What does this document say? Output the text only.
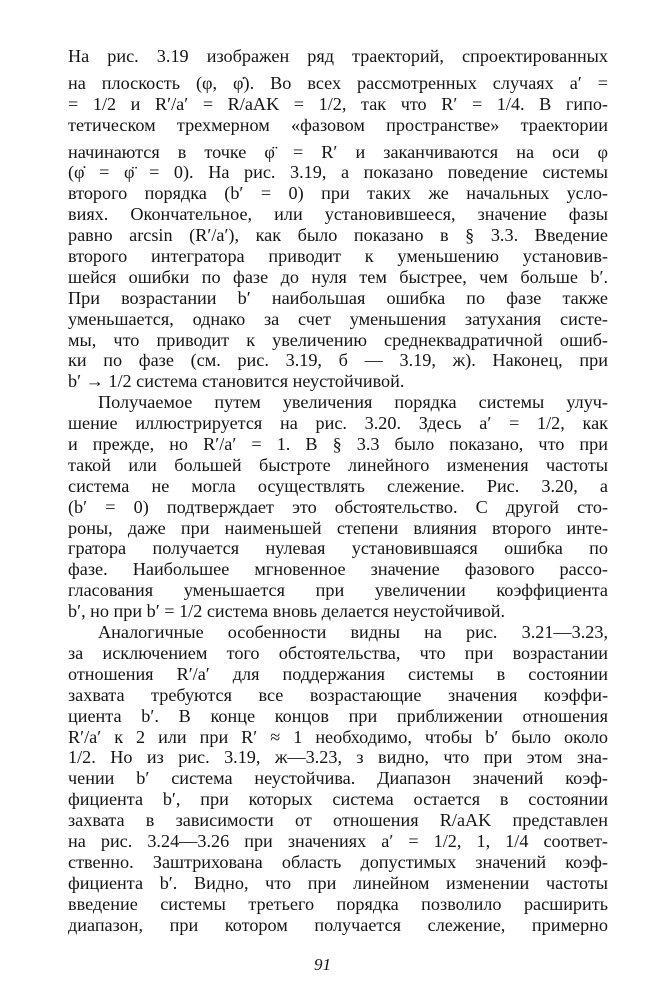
На рис. 3.19 изображен ряд траекторий, спроектированных
на плоскость (φ, φ̇). Во всех рассмотренных случаях a′ =
= 1/2 и R′/a′ = R/aAK = 1/2, так что R′ = 1/4. В гипо-
тетическом трехмерном «фазовом пространстве» траектории
начинаются в точке φ̈ = R′ и заканчиваются на оси φ
(φ̇ = φ̈ = 0). На рис. 3.19, a показано поведение системы
второго порядка (b′ = 0) при таких же начальных усло-
виях. Окончательное, или установившееся, значение фазы
равно arcsin (R′/a′), как было показано в § 3.3. Введение
второго интегратора приводит к уменьшению установив-
шейся ошибки по фазе до нуля тем быстрее, чем больше b′.
При возрастании b′ наибольшая ошибка по фазе также
уменьшается, однако за счет уменьшения затухания систе-
мы, что приводит к увеличению среднеквадратичной ошиб-
ки по фазе (см. рис. 3.19, б — 3.19, ж). Наконец, при
b′ → 1/2 система становится неустойчивой.
Получаемое путем увеличения порядка системы улуч-
шение иллюстрируется на рис. 3.20. Здесь a′ = 1/2, как
и прежде, но R′/a′ = 1. В § 3.3 было показано, что при
такой или большей быстроте линейного изменения частоты
система не могла осуществлять слежение. Рис. 3.20, a
(b′ = 0) подтверждает это обстоятельство. С другой сто-
роны, даже при наименьшей степени влияния второго инте-
гратора получается нулевая установившаяся ошибка по
фазе. Наибольшее мгновенное значение фазового рассо-
гласования уменьшается при увеличении коэффициента
b′, но при b′ = 1/2 система вновь делается неустойчивой.
Аналогичные особенности видны на рис. 3.21—3.23,
за исключением того обстоятельства, что при возрастании
отношения R′/a′ для поддержания системы в состоянии
захвата требуются все возрастающие значения коэффи-
циента b′. В конце концов при приближении отношения
R′/a′ к 2 или при R′ ≈ 1 необходимо, чтобы b′ было около
1/2. Но из рис. 3.19, ж—3.23, з видно, что при этом зна-
чении b′ система неустойчива. Диапазон значений коэф-
фициента b′, при которых система остается в состоянии
захвата в зависимости от отношения R/aAK представлен
на рис. 3.24—3.26 при значениях a′ = 1/2, 1, 1/4 соответ-
ственно. Заштрихована область допустимых значений коэф-
фициента b′. Видно, что при линейном изменении частоты
введение системы третьего порядка позволило расширить
диапазон, при котором получается слежение, примерно
91
